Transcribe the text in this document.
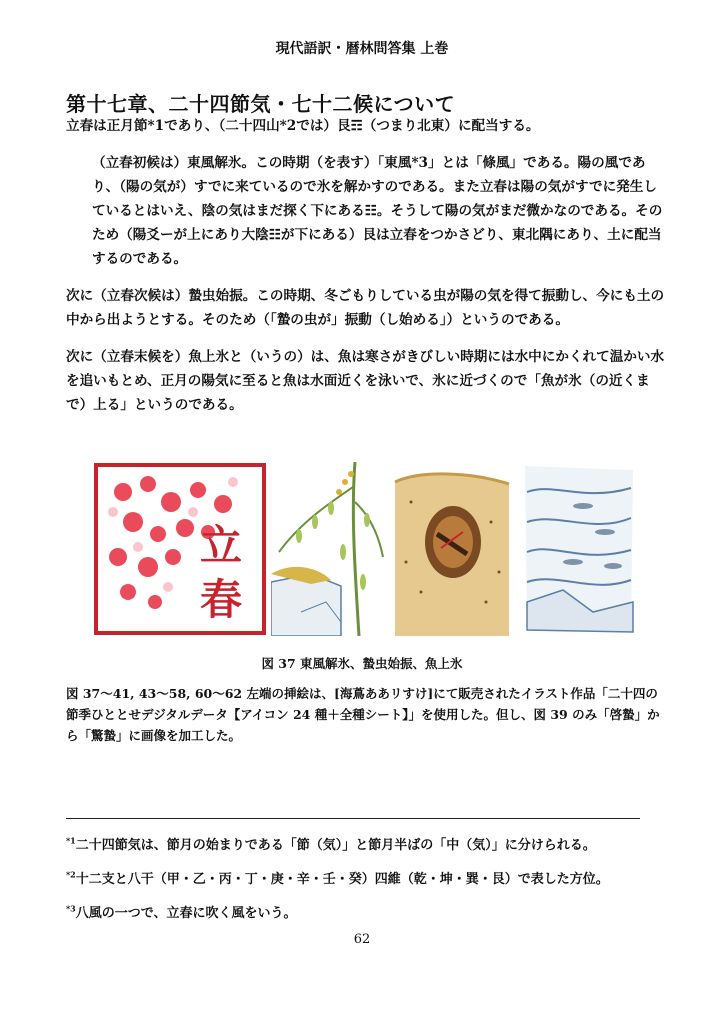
現代語訳・暦林問答集 上巻
第十七章、二十四節気・七十二候について

立春は正月節*1であり、（二十四山*2では）艮☶（つまり北東）に配当する。

（立春初候は）東風解氷。この時期（を表す）「東風*3」とは「條風」である。陽の風であり、（陽の気が）すでに来ているので氷を解かすのである。また立春は陽の気がすでに発生しているとはいえ、陰の気はまだ探く下にある☷。そうして陽の気がまだ微かなのである。そのため（陽爻ーが上にあり大陰☷が下にある）艮は立春をつかさどり、東北隅にあり、土に配当するのである。

次に（立春次候は）蟄虫始振。この時期、冬ごもりしている虫が陽の気を得て振動し、今にも土の中から出ようとする。そのため（「蟄の虫が」振動（し始める」）というのである。

次に（立春末候を）魚上氷と（いうの）は、魚は寒さがきびしい時期には水中にかくれて温かい水を追いもとめ、正月の陽気に至ると魚は水面近くを泳いで、氷に近づくので「魚が氷（の近くまで）上る」というのである。

立
春
図 37 東風解氷、蟄虫始振、魚上氷
図 37～41, 43～58, 60～62 左端の挿絵は、[海蔦ああリすけ]にて販売されたイラスト作品「二十四の節季ひととせデジタルデータ【アイコン 24 種＋全種シート】」を使用した。但し、図 39 のみ「啓蟄」から「驚蟄」に画像を加工した。
$^{*1}$二十四節気は、節月の始まりである「節（気）」と節月半ばの「中（気）」に分けられる。
$^{*2}$十二支と八干（甲・乙・丙・丁・庚・辛・壬・癸）四維（乾・坤・巽・艮）で表した方位。
$^{*3}$八風の一つで、立春に吹く風をいう。
62
